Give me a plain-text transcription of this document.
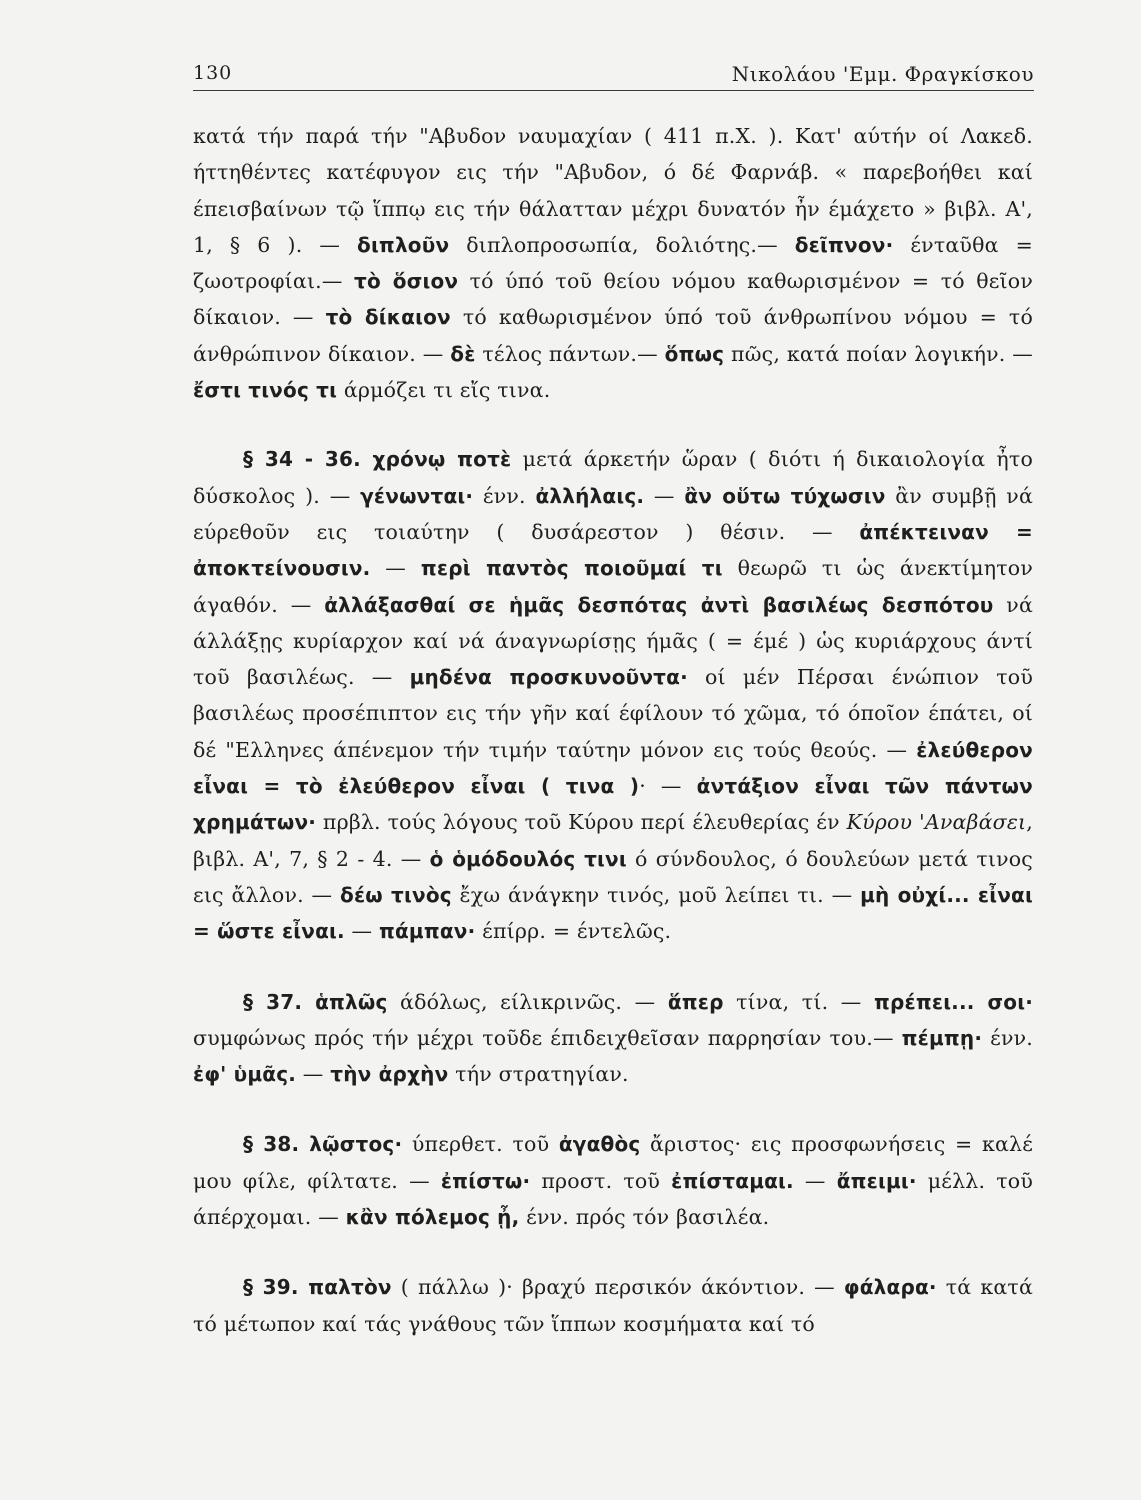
130	Νικολάου 'Εμμ. Φραγκίσκου

κατά τήν παρά τήν "Αβυδον ναυμαχίαν ( 411 π.Χ. ). Κατ' αύτήν οί Λακεδ. ήττηθέντες κατέφυγον εις τήν "Αβυδον, ό δέ Φαρνάβ. « παρεβοήθει καί έπεισβαίνων τῷ ἵππῳ εις τήν θάλατταν μέχρι δυνατόν ἦν έμάχετο » βιβλ. Α', 1, § 6 ). — διπλοῦν διπλοπροσωπία, δολιότης.— δεῖπνον· ένταῦθα = ζωοτροφίαι.— τὸ ὅσιον τό ύπό τοῦ θείου νόμου καθωρισμένον = τό θεῖον δίκαιον. — τὸ δίκαιον τό καθωρισμένον ύπό τοῦ άνθρωπίνου νόμου = τό άνθρώπινον δίκαιον. — δὲ τέλος πάντων.— ὅπως πῶς, κατά ποίαν λογικήν. — ἔστι τινός τι άρμόζει τι εἴς τινα.

§ 34 - 36. χρόνῳ ποτὲ μετά άρκετήν ὥραν ( διότι ή δικαιολογία ἦτο δύσκολος ). — γένωνται· ένν. ἀλλήλαις. — ἂν οὕτω τύχωσιν ἂν συμβῇ νά εύρεθοῦν εις τοιαύτην ( δυσάρεστον ) θέσιν. — ἀπέκτειναν = ἀποκτείνουσιν. — περὶ παντὸς ποιοῦμαί τι θεωρῶ τι ὡς άνεκτίμητον άγαθόν. — ἀλλάξασθαί σε ἡμᾶς δεσπότας ἀντὶ βασιλέως δεσπότου νά άλλάξῃς κυρίαρχον καί νά άναγνωρίσῃς ήμᾶς ( = έμέ ) ὡς κυριάρχους άντί τοῦ βασιλέως. — μηδένα προσκυνοῦντα· οί μέν Πέρσαι ένώπιον τοῦ βασιλέως προσέπιπτον εις τήν γῆν καί έφίλουν τό χῶμα, τό όποῖον έπάτει, οί δέ "Ελληνες άπένεμον τήν τιμήν ταύτην μόνον εις τούς θεούς. — ἐλεύθερον εἶναι = τὸ ἐλεύθερον εἶναι ( τινα )· — ἀντάξιον εἶναι τῶν πάντων χρημάτων· πρβλ. τούς λόγους τοῦ Κύρου περί έλευθερίας έν Κύρου 'Αναβάσει, βιβλ. Α', 7, § 2 - 4. — ὁ ὁμόδουλός τινι ό σύνδουλος, ό δουλεύων μετά τινος εις ἄλλον. — δέω τινὸς ἔχω άνάγκην τινός, μοῦ λείπει τι. — μὴ οὐχί... εἶναι = ὥστε εἶναι. — πάμπαν· έπίρρ. = έντελῶς.

§ 37. ἁπλῶς άδόλως, είλικρινῶς. — ἅπερ τίνα, τί. — πρέπει... σοι· συμφώνως πρός τήν μέχρι τοῦδε έπιδειχθεῖσαν παρρησίαν του.— πέμπῃ· ένν. ἐφ' ὑμᾶς. — τὴν ἀρχὴν τήν στρατηγίαν.

§ 38. λῷστος· ύπερθετ. τοῦ ἀγαθὸς ἄριστος· εις προσφωνήσεις = καλέ μου φίλε, φίλτατε. — ἐπίστω· προστ. τοῦ ἐπίσταμαι. — ἄπειμι· μέλλ. τοῦ άπέρχομαι. — κἂν πόλεμος ᾖ, ένν. πρός τόν βασιλέα.

§ 39. παλτὸν ( πάλλω )· βραχύ περσικόν άκόντιον. — φάλαρα· τά κατά τό μέτωπον καί τάς γνάθους τῶν ἵππων κοσμήματα καί τό
